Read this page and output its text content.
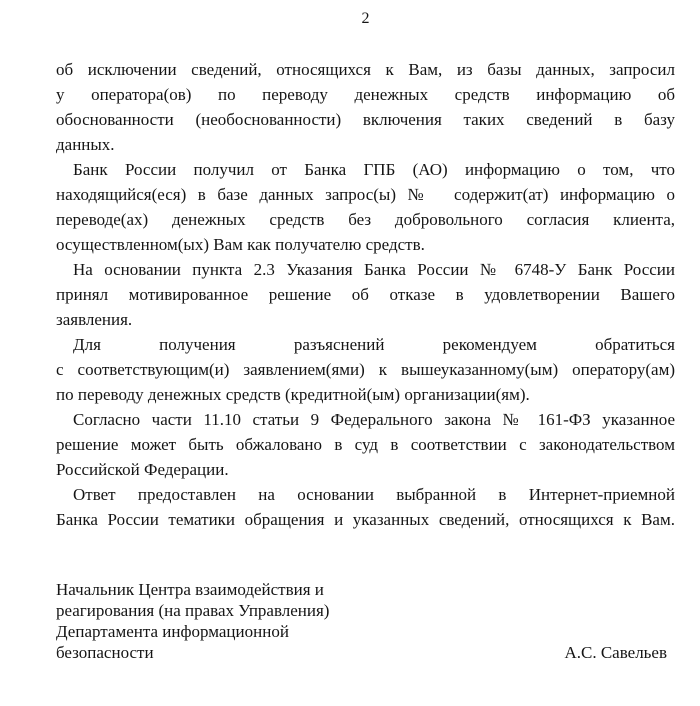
2
об исключении сведений, относящихся к Вам, из базы данных, запросил
у оператора(ов) по переводу денежных средств информацию об
обоснованности (необоснованности) включения таких сведений в базу
данных.
Банк России получил от Банка ГПБ (АО) информацию о том, что
находящийся(еся) в базе данных запрос(ы) №  содержит(ат) информацию о
переводе(ах) денежных средств без добровольного согласия клиента,
осуществленном(ых) Вам как получателю средств.
На основании пункта 2.3 Указания Банка России № 6748-У Банк России
принял мотивированное решение об отказе в удовлетворении Вашего
заявления.
Для получения разъяснений рекомендуем обратиться
с соответствующим(и) заявлением(ями) к вышеуказанному(ым) оператору(ам)
по переводу денежных средств (кредитной(ым) организации(ям).
Согласно части 11.10 статьи 9 Федерального закона № 161-ФЗ указанное
решение может быть обжаловано в суд в соответствии с законодательством
Российской Федерации.
Ответ предоставлен на основании выбранной в Интернет-приемной
Банка России тематики обращения и указанных сведений, относящихся к Вам.
Начальник Центра взаимодействия и
реагирования (на правах Управления)
Департамента информационной
безопасности	А.С. Савельев
